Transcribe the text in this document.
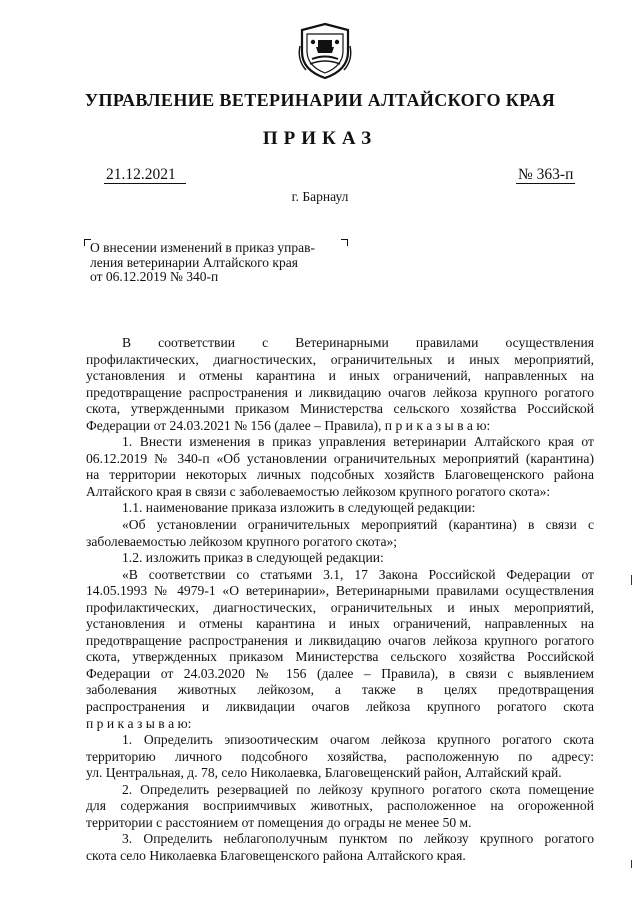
УПРАВЛЕНИЕ ВЕТЕРИНАРИИ АЛТАЙСКОГО КРАЯ
ПРИКАЗ
21.12.2021	№ 363-п
г. Барнаул
О внесении изменений в приказ управ-
ления ветеринарии Алтайского края
от 06.12.2019 № 340-п
В соответствии с Ветеринарными правилами осуществления
профилактических, диагностических, ограничительных и иных мероприятий,
установления и отмены карантина и иных ограничений, направленных на
предотвращение распространения и ликвидацию очагов лейкоза крупного рогатого
скота, утвержденными приказом Министерства сельского хозяйства Российской
Федерации от 24.03.2021 № 156 (далее – Правила), п р и к а з ы в а ю:
1. Внести изменения в приказ управления ветеринарии Алтайского края от
06.12.2019 № 340-п «Об установлении ограничительных мероприятий (карантина)
на территории некоторых личных подсобных хозяйств Благовещенского района
Алтайского края в связи с заболеваемостью лейкозом крупного рогатого скота»:
1.1. наименование приказа изложить в следующей редакции:
«Об установлении ограничительных мероприятий (карантина) в связи с
заболеваемостью лейкозом крупного рогатого скота»;
1.2. изложить приказ в следующей редакции:
«В соответствии со статьями 3.1, 17 Закона Российской Федерации от
14.05.1993 № 4979-1 «О ветеринарии», Ветеринарными правилами осуществления
профилактических, диагностических, ограничительных и иных мероприятий,
установления и отмены карантина и иных ограничений, направленных на
предотвращение распространения и ликвидацию очагов лейкоза крупного рогатого
скота, утвержденных приказом Министерства сельского хозяйства Российской
Федерации от 24.03.2020 № 156 (далее – Правила), в связи с выявлением
заболевания животных лейкозом, а также в целях предотвращения
распространения и ликвидации очагов лейкоза крупного рогатого скота
п р и к а з ы в а ю:
1. Определить эпизоотическим очагом лейкоза крупного рогатого скота
территорию личного подсобного хозяйства, расположенную по адресу:
ул. Центральная, д. 78, село Николаевка, Благовещенский район, Алтайский край.
2. Определить резервацией по лейкозу крупного рогатого скота помещение
для содержания восприимчивых животных, расположенное на огороженной
территории с расстоянием от помещения до ограды не менее 50 м.
3. Определить неблагополучным пунктом по лейкозу крупного рогатого
скота село Николаевка Благовещенского района Алтайского края.
